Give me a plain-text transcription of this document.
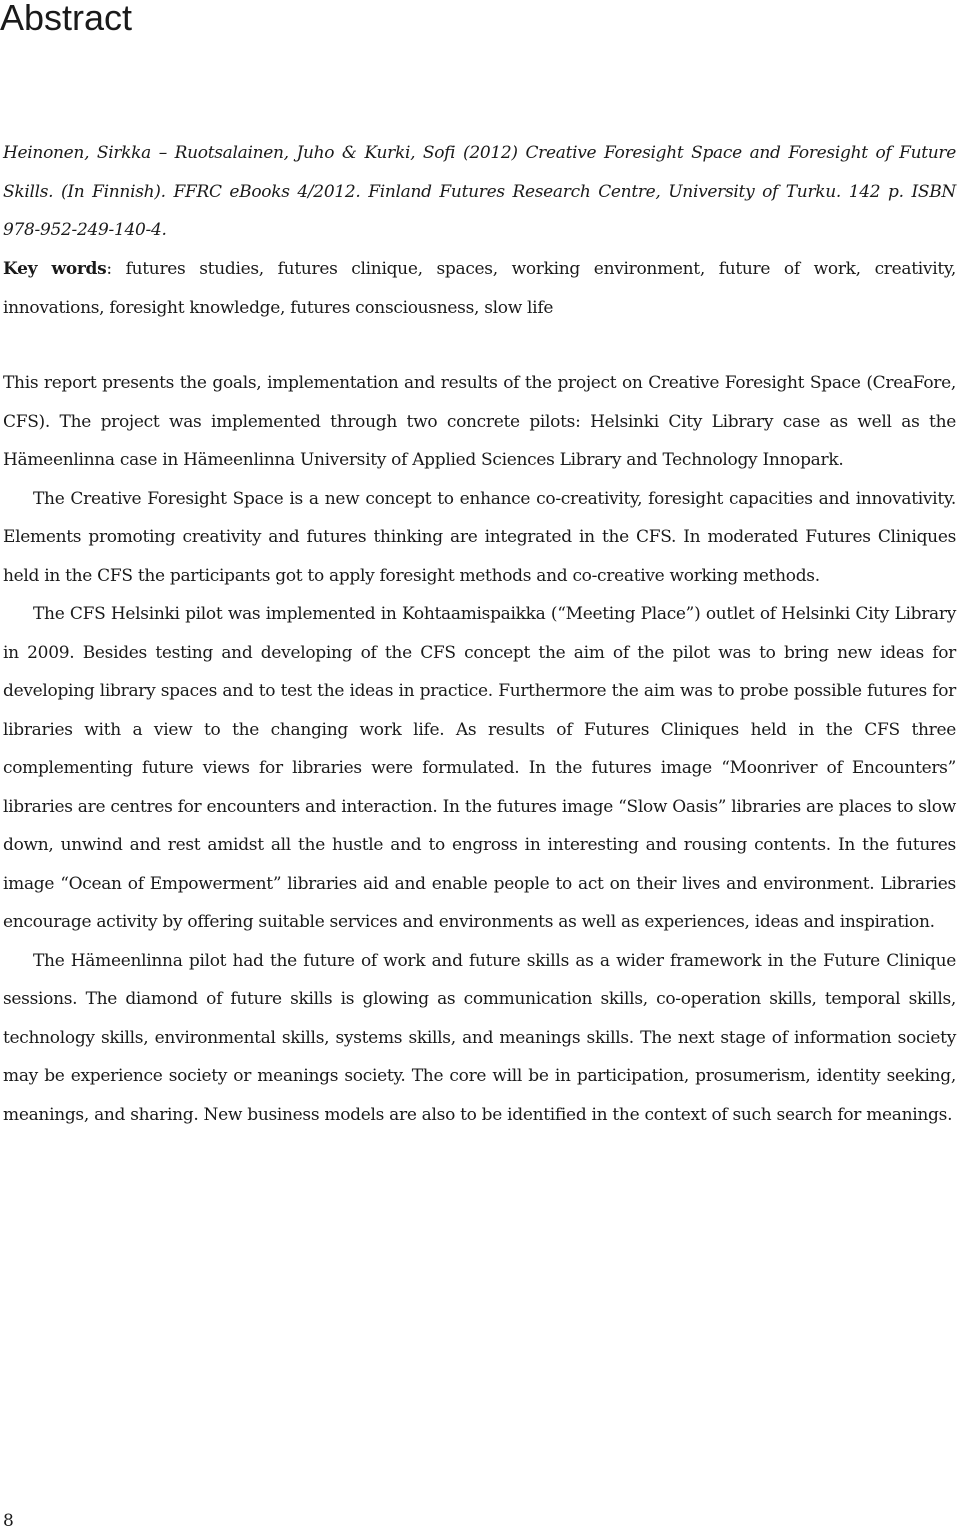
Abstract
Heinonen, Sirkka – Ruotsalainen, Juho & Kurki, Sofi (2012) Creative Foresight Space and Foresight of Future Skills. (In Finnish). FFRC eBooks 4/2012. Finland Futures Research Centre, University of Turku. 142 p. ISBN 978-952-249-140-4.
Key words: futures studies, futures clinique, spaces, working environment, future of work, creativity, innovations, foresight knowledge, futures consciousness, slow life

This report presents the goals, implementation and results of the project on Creative Foresight Space (CreaFore, CFS). The project was implemented through two concrete pilots: Helsinki City Library case as well as the Hämeenlinna case in Hämeenlinna University of Applied Sciences Library and Technology Innopark.

The Creative Foresight Space is a new concept to enhance co-creativity, foresight capacities and innovativity. Elements promoting creativity and futures thinking are integrated in the CFS. In moderated Futures Cliniques held in the CFS the participants got to apply foresight methods and co-creative working methods.

The CFS Helsinki pilot was implemented in Kohtaamispaikka (“Meeting Place”) outlet of Helsinki City Library in 2009. Besides testing and developing of the CFS concept the aim of the pilot was to bring new ideas for developing library spaces and to test the ideas in practice. Furthermore the aim was to probe possible futures for libraries with a view to the changing work life. As results of Futures Cliniques held in the CFS three complementing future views for libraries were formulated. In the futures image “Moonriver of Encounters” libraries are centres for encounters and interaction. In the futures image “Slow Oasis” libraries are places to slow down, unwind and rest amidst all the hustle and to engross in interesting and rousing contents. In the futures image “Ocean of Empowerment” libraries aid and enable people to act on their lives and environment. Libraries encourage activity by offering suitable services and environments as well as experiences, ideas and inspiration.

The Hämeenlinna pilot had the future of work and future skills as a wider framework in the Future Clinique sessions. The diamond of future skills is glowing as communication skills, co-operation skills, temporal skills, technology skills, environmental skills, systems skills, and meanings skills. The next stage of information society may be experience society or meanings society. The core will be in participation, prosumerism, identity seeking, meanings, and sharing. New business models are also to be identified in the context of such search for meanings.

8
